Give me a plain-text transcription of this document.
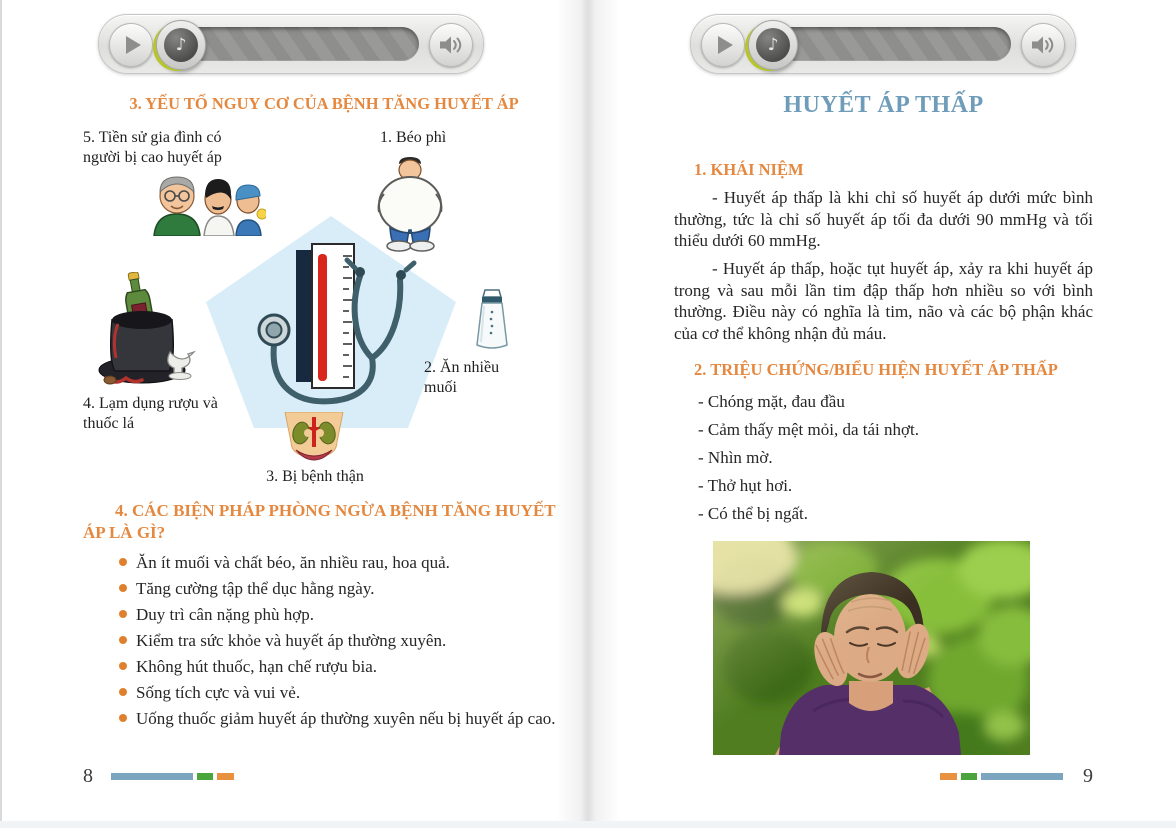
♪
3. YẾU TỐ NGUY CƠ CỦA BỆNH TĂNG HUYẾT ÁP
5. Tiền sử gia đình có người bị cao huyết áp
1. Béo phì
2. Ăn nhiều muối
4. Lạm dụng rượu và thuốc lá
3. Bị bệnh thận
4. CÁC BIỆN PHÁP PHÒNG NGỪA BỆNH TĂNG HUYẾT ÁP LÀ GÌ?
Ăn ít muối và chất béo, ăn nhiều rau, hoa quả.
Tăng cường tập thể dục hằng ngày.
Duy trì cân nặng phù hợp.
Kiểm tra sức khỏe và huyết áp thường xuyên.
Không hút thuốc, hạn chế rượu bia.
Sống tích cực và vui vẻ.
Uống thuốc giảm huyết áp thường xuyên nếu bị huyết áp cao.
8
♪
HUYẾT ÁP THẤP
1. KHÁI NIỆM
- Huyết áp thấp là khi chỉ số huyết áp dưới mức bình thường, tức là chỉ số huyết áp tối đa dưới 90 mmHg và tối thiểu dưới 60 mmHg.
- Huyết áp thấp, hoặc tụt huyết áp, xảy ra khi huyết áp trong và sau mỗi lần tim đập thấp hơn nhiều so với bình thường. Điều này có nghĩa là tim, não và các bộ phận khác của cơ thể không nhận đủ máu.
2. TRIỆU CHỨNG/BIỂU HIỆN HUYẾT ÁP THẤP
- Chóng mặt, đau đầu
- Cảm thấy mệt mỏi, da tái nhợt.
- Nhìn mờ.
- Thở hụt hơi.
- Có thể bị ngất.
9
